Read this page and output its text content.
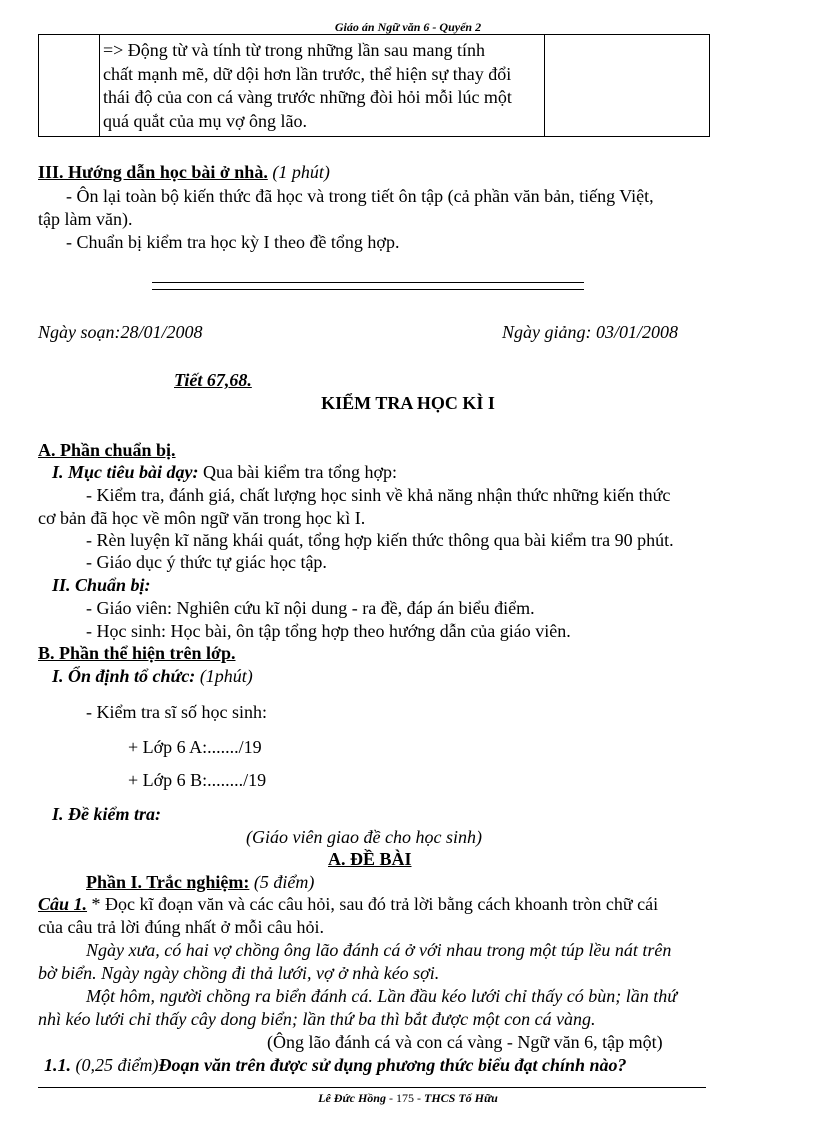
Giáo án Ngữ văn 6 - Quyển 2
=> Động từ và tính từ trong những lần sau mang tính
chất mạnh mẽ, dữ dội hơn lần trước, thể hiện sự thay đổi
thái độ của con cá vàng trước những đòi hỏi mỗi lúc một
quá quắt của mụ vợ ông lão.
III. Hướng dẫn học bài ở nhà. (1 phút)
- Ôn lại toàn bộ kiến thức đã học và trong tiết ôn tập (cả phần văn bản, tiếng Việt,
tập làm văn).
- Chuẩn bị kiểm tra học kỳ I theo đề tổng hợp.
Ngày soạn:28/01/2008	Ngày giảng: 03/01/2008
Tiết 67,68.
KIỂM TRA HỌC KÌ I
A. Phần chuẩn bị.
I. Mục tiêu bài dạy: Qua bài kiểm tra tổng hợp:
- Kiểm tra, đánh giá, chất lượng học sinh về khả năng nhận thức những kiến thức
cơ bản đã học về môn ngữ văn trong học kì I.
- Rèn luyện kĩ năng khái quát, tổng hợp kiến thức thông qua bài kiểm tra 90 phút.
- Giáo dục ý thức tự giác học tập.
II. Chuẩn bị:
- Giáo viên: Nghiên cứu kĩ nội dung - ra đề, đáp án biểu điểm.
- Học sinh: Học bài, ôn tập tổng hợp theo hướng dẫn của giáo viên.
B. Phần thể hiện trên lớp.
I. Ổn định tổ chức: (1phút)
- Kiểm tra sĩ số học sinh:
+ Lớp 6 A:......./19
+ Lớp 6 B:......../19
I. Đề kiểm tra:
(Giáo viên giao đề cho học sinh)
A. ĐỀ BÀI
Phần I. Trắc nghiệm: (5 điểm)
Câu 1. * Đọc kĩ đoạn văn và các câu hỏi, sau đó trả lời bằng cách khoanh tròn chữ cái
của câu trả lời đúng nhất ở mỗi câu hỏi.
Ngày xưa, có hai vợ chồng ông lão đánh cá ở với nhau trong một túp lều nát trên
bờ biển. Ngày ngày chồng đi thả lưới, vợ ở nhà kéo sợi.
Một hôm, người chồng ra biển đánh cá. Lần đầu kéo lưới chỉ thấy có bùn; lần thứ
nhì kéo lưới chỉ thấy cây dong biển; lần thứ ba thì bắt được một con cá vàng.
(Ông lão đánh cá và con cá vàng - Ngữ văn 6, tập một)
1.1. (0,25 điểm)Đoạn văn trên được sử dụng phương thức biểu đạt chính nào?
Lê Đức Hồng - 175 - THCS Tố Hữu
